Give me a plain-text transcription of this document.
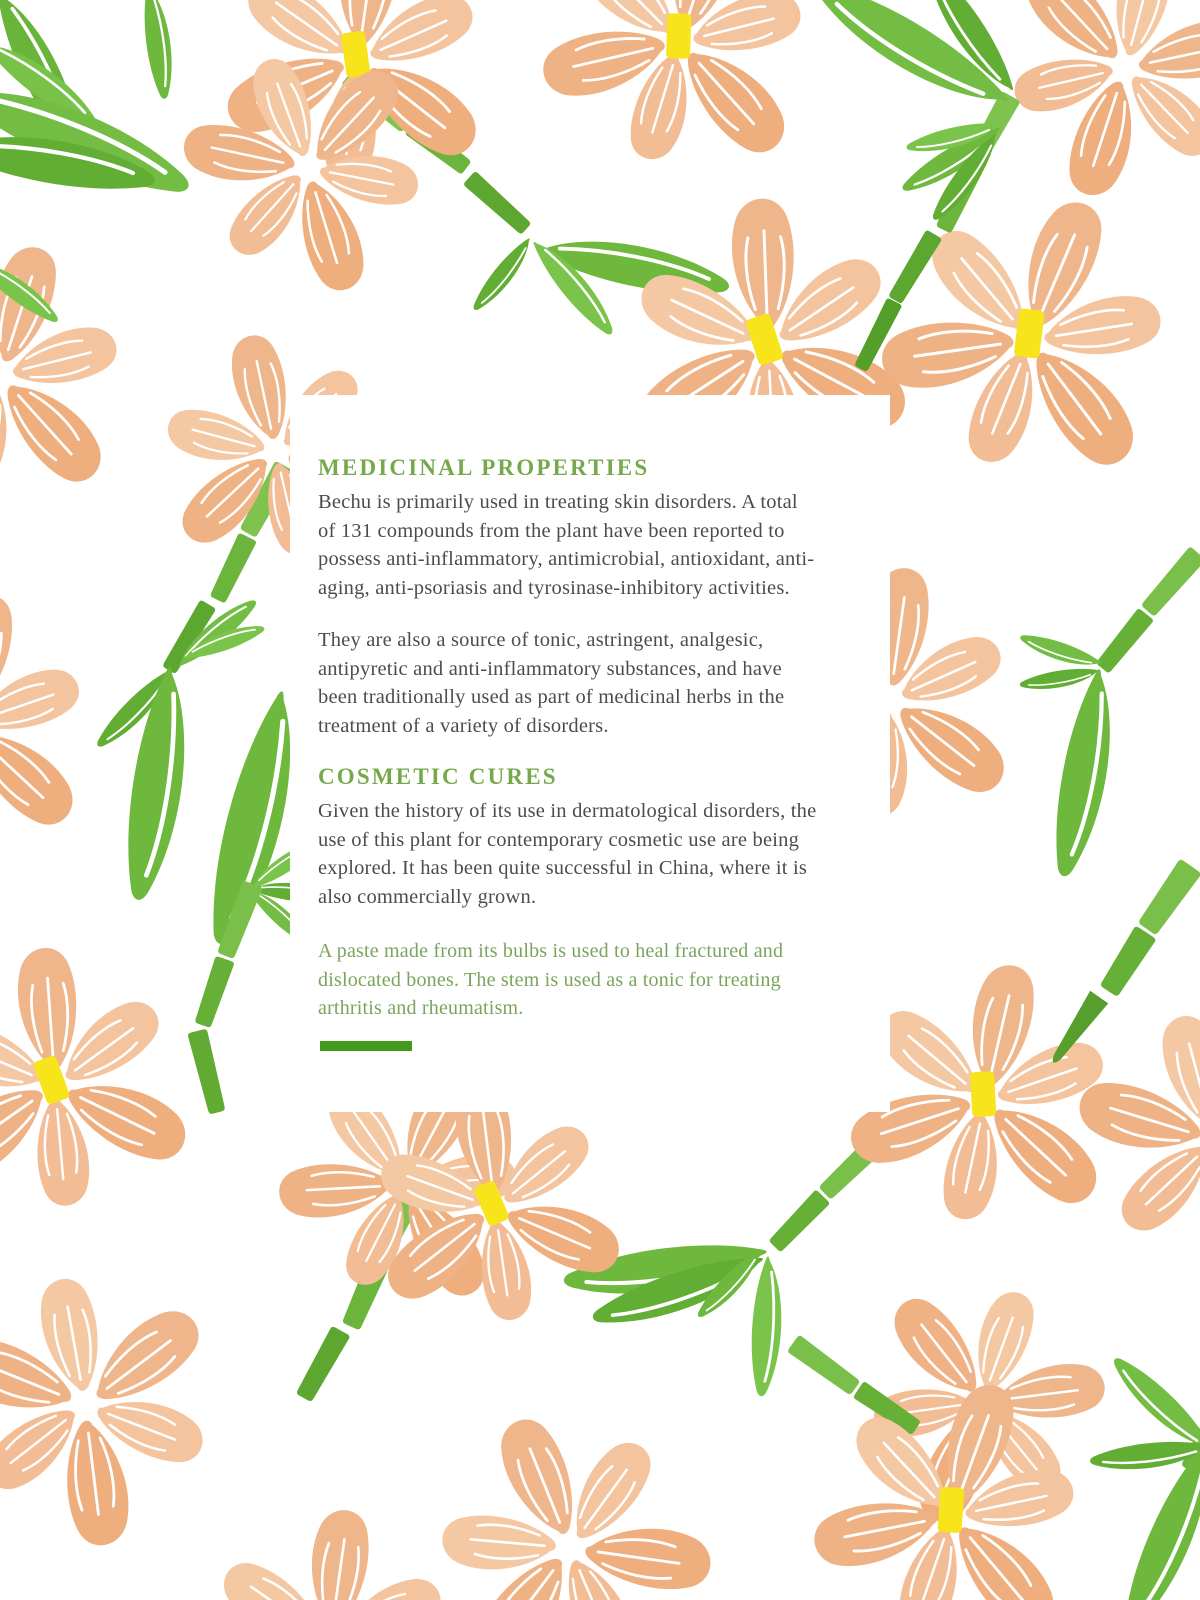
MEDICINAL PROPERTIES

Bechu is primarily used in treating skin disorders. A total
of 131 compounds from the plant have been reported to
possess anti-inflammatory, antimicrobial, antioxidant, anti-
aging, anti-psoriasis and tyrosinase-inhibitory activities.

They are also a source of tonic, astringent, analgesic,
antipyretic and anti-inflammatory substances, and have
been traditionally used as part of medicinal herbs in the
treatment of a variety of disorders.

COSMETIC CURES

Given the history of its use in dermatological disorders, the
use of this plant for contemporary cosmetic use are being
explored. It has been quite successful in China, where it is
also commercially grown.

A paste made from its bulbs is used to heal fractured and
dislocated bones. The stem is used as a tonic for treating
arthritis and rheumatism.
